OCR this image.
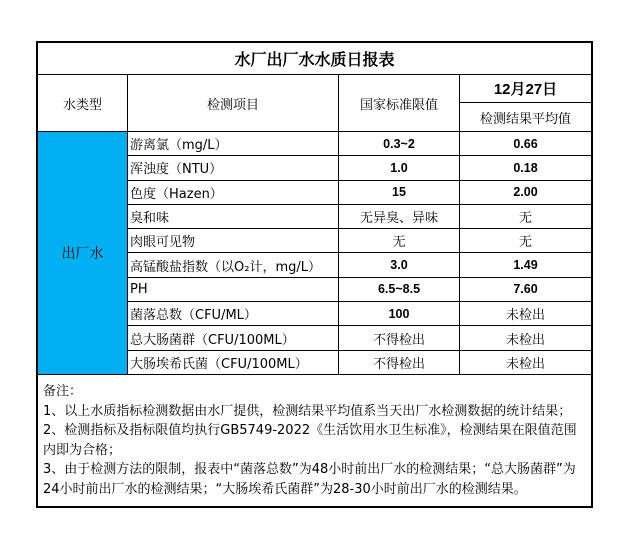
水厂出厂水水质日报表
水类型	检测项目	国家标准限值
12月27日
检测结果平均值
出厂水
游离氯（mg/L）	0.3~2	0.66
浑浊度（NTU）	1.0	0.18
色度（Hazen）	15	2.00
臭和味	无异臭、异味	无
肉眼可见物	无	无
高锰酸盐指数（以O₂计，mg/L）	3.0	1.49
PH	6.5~8.5	7.60
菌落总数（CFU/ML）	100	未检出
总大肠菌群（CFU/100ML）	不得检出	未检出
大肠埃希氏菌（CFU/100ML）	不得检出	未检出
备注：
1、以上水质指标检测数据由水厂提供，检测结果平均值系当天出厂水检测数据的统计结果；
2、检测指标及指标限值均执行GB5749-2022《生活饮用水卫生标准》，检测结果在限值范围内即为合格；
3、由于检测方法的限制，报表中“菌落总数”为48小时前出厂水的检测结果；“总大肠菌群”为24小时前出厂水的检测结果；“大肠埃希氏菌群”为28-30小时前出厂水的检测结果。
